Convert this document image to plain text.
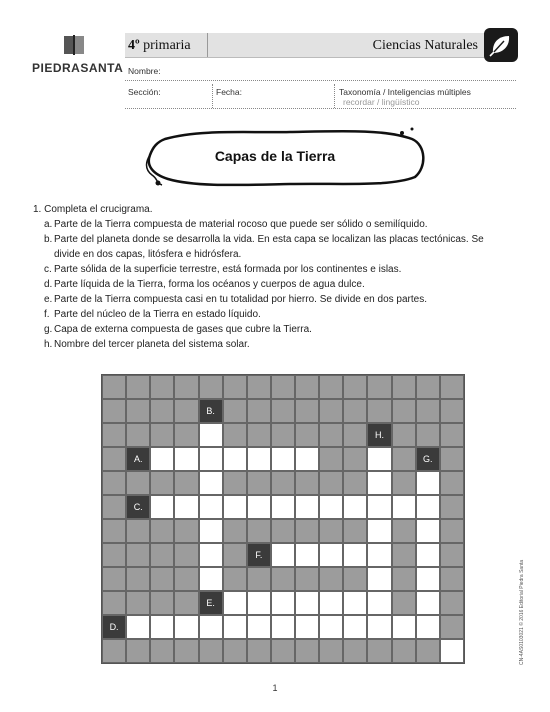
PIEDRASANTA
4º primaria	Ciencias Naturales
Nombre:
Sección:	Fecha:	Taxonomía / Inteligencias múltiples
recordar / lingüístico
Capas de la Tierra
1. Completa el crucigrama.
a. Parte de la Tierra compuesta de material rocoso que puede ser sólido o semilíquido.
b. Parte del planeta donde se desarrolla la vida. En esta capa se localizan las placas tectónicas. Se
divide en dos capas, litósfera e hidrósfera.
c. Parte sólida de la superficie terrestre, está formada por los continentes e islas.
d. Parte líquida de la Tierra, forma los océanos y cuerpos de agua dulce.
e. Parte de la Tierra compuesta casi en tu totalidad por hierro. Se divide en dos partes.
f. Parte del núcleo de la Tierra en estado líquido.
g. Capa de externa compuesta de gases que cubre la Tierra.
h. Nombre del tercer planeta del sistema solar.
B.
H.
A.	G.
C.
F.
E.
D.
1
CN-4AS0103021 © 2016 Editorial Piedra Santa
